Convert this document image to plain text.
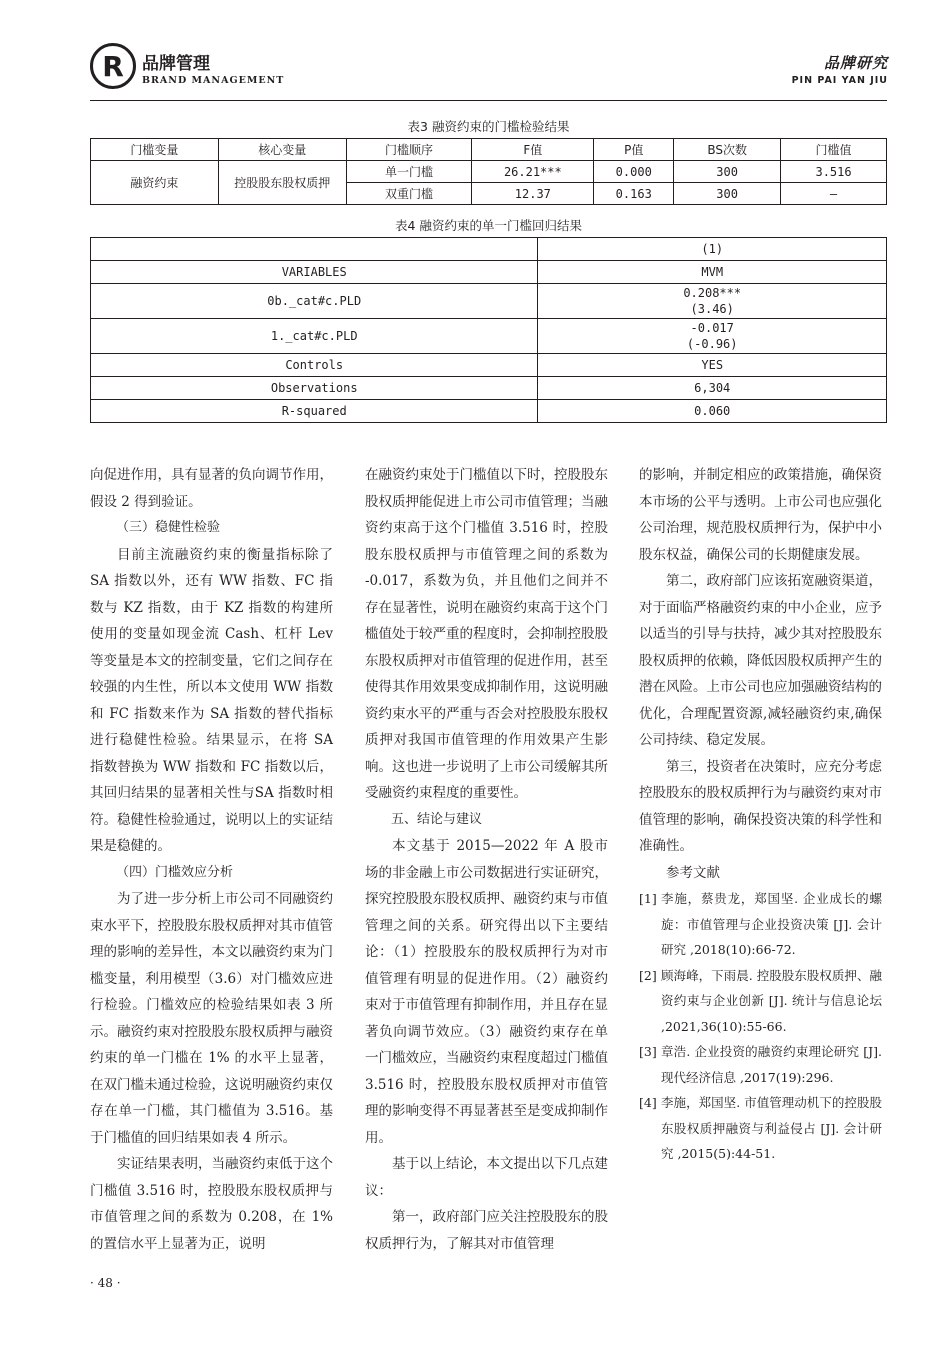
R 品牌管理
BRAND MANAGEMENT
品牌研究
PIN PAI YAN JIU
表3 融资约束的门槛检验结果
门槛变量	核心变量	门槛顺序	F值	P值	BS次数	门槛值
融资约束	控股股东股权质押	单一门槛	26.21***	0.000	300	3.516
		双重门槛	12.37	0.163	300	—
表4 融资约束的单一门槛回归结果
	(1)
VARIABLES	MVM
0b._cat#c.PLD	0.208***
(3.46)

1._cat#c.PLD	-0.017
(-0.96)

Controls	YES
Observations	6,304
R-squared	0.060

向促进作用，具有显著的负向调节作用，假设 2 得到验证。

（三）稳健性检验

目前主流融资约束的衡量指标除了 SA 指数以外，还有 WW 指数、FC 指数与 KZ 指数，由于 KZ 指数的构建所使用的变量如现金流 Cash、杠杆 Lev 等变量是本文的控制变量，它们之间存在较强的内生性，所以本文使用 WW 指数和 FC 指数来作为 SA 指数的替代指标进行稳健性检验。结果显示，在将 SA 指数替换为 WW 指数和 FC 指数以后，其回归结果的显著相关性与SA 指数时相符。稳健性检验通过，说明以上的实证结果是稳健的。

（四）门槛效应分析

为了进一步分析上市公司不同融资约束水平下，控股股东股权质押对其市值管理的影响的差异性，本文以融资约束为门槛变量，利用模型（3.6）对门槛效应进行检验。门槛效应的检验结果如表 3 所示。融资约束对控股股东股权质押与融资约束的单一门槛在 1% 的水平上显著，在双门槛未通过检验，这说明融资约束仅存在单一门槛，其门槛值为 3.516。基于门槛值的回归结果如表 4 所示。

实证结果表明，当融资约束低于这个门槛值 3.516 时，控股股东股权质押与市值管理之间的系数为 0.208，在 1% 的置信水平上显著为正，说明

在融资约束处于门槛值以下时，控股股东股权质押能促进上市公司市值管理；当融资约束高于这个门槛值 3.516 时，控股股东股权质押与市值管理之间的系数为 -0.017，系数为负，并且他们之间并不存在显著性，说明在融资约束高于这个门槛值处于较严重的程度时，会抑制控股股东股权质押对市值管理的促进作用，甚至使得其作用效果变成抑制作用，这说明融资约束水平的严重与否会对控股股东股权质押对我国市值管理的作用效果产生影响。这也进一步说明了上市公司缓解其所受融资约束程度的重要性。

五、结论与建议

本文基于 2015—2022 年 A 股市场的非金融上市公司数据进行实证研究，探究控股股东股权质押、融资约束与市值管理之间的关系。研究得出以下主要结论：（1）控股股东的股权质押行为对市值管理有明显的促进作用。（2）融资约束对于市值管理有抑制作用，并且存在显著负向调节效应。（3）融资约束存在单一门槛效应，当融资约束程度超过门槛值 3.516 时，控股股东股权质押对市值管理的影响变得不再显著甚至是变成抑制作用。

基于以上结论，本文提出以下几点建议：

第一，政府部门应关注控股股东的股权质押行为，了解其对市值管理

的影响，并制定相应的政策措施，确保资本市场的公平与透明。上市公司也应强化公司治理，规范股权质押行为，保护中小股东权益，确保公司的长期健康发展。

第二，政府部门应该拓宽融资渠道，对于面临严格融资约束的中小企业，应予以适当的引导与扶持，减少其对控股股东股权质押的依赖，降低因股权质押产生的潜在风险。上市公司也应加强融资结构的优化，合理配置资源,减轻融资约束,确保公司持续、稳定发展。

第三，投资者在决策时，应充分考虑控股股东的股权质押行为与融资约束对市值管理的影响，确保投资决策的科学性和准确性。

参考文献

[1] 李施，蔡贵龙，郑国坚. 企业成长的螺旋：市值管理与企业投资决策 [J]. 会计研究 ,2018(10):66-72.
[2] 顾海峰，下雨晨. 控股股东股权质押、融资约束与企业创新 [J]. 统计与信息论坛 ,2021,36(10):55-66.
[3] 章浩. 企业投资的融资约束理论研究 [J]. 现代经济信息 ,2017(19):296.
[4] 李施，郑国坚. 市值管理动机下的控股股东股权质押融资与利益侵占 [J]. 会计研究 ,2015(5):44-51.
· 48 ·
